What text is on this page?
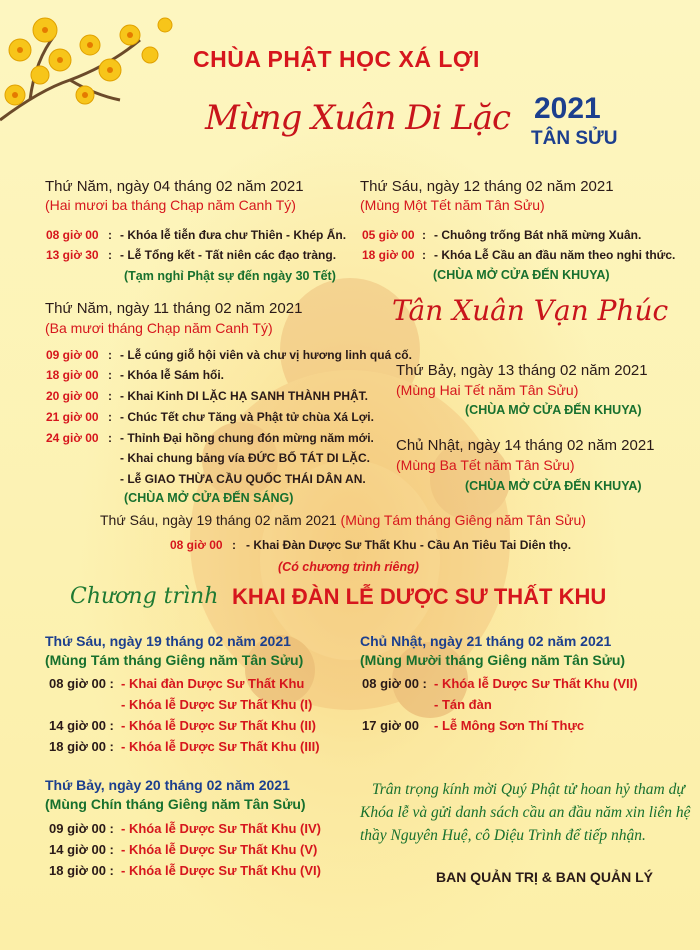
CHÙA PHẬT HỌC XÁ LỢI
Mừng Xuân Di Lặc 2021
TÂN SỬU
Thứ Năm, ngày 04 tháng 02 năm 2021
(Hai mươi ba tháng Chạp năm Canh Tý)
08 giờ 00 : - Khóa lễ tiễn đưa chư Thiên - Khép Ấn.
13 giờ 30 : - Lễ Tổng kết - Tất niên các đạo tràng.
(Tạm nghỉ Phật sự đến ngày 30 Tết)
Thứ Sáu, ngày 12 tháng 02 năm 2021
(Mùng Một Tết năm Tân Sửu)
05 giờ 00 : - Chuông trống Bát nhã mừng Xuân.
18 giờ 00 : - Khóa Lễ Cầu an đầu năm theo nghi thức.
(CHÙA MỞ CỬA ĐẾN KHUYA)
Thứ Năm, ngày 11 tháng 02 năm 2021
(Ba mươi tháng Chạp năm Canh Tý)
09 giờ 00 : - Lễ cúng giỗ hội viên và chư vị hương linh quá cố.
18 giờ 00 : - Khóa lễ Sám hối.
20 giờ 00 : - Khai Kinh DI LẶC HẠ SANH THÀNH PHẬT.
21 giờ 00 : - Chúc Tết chư Tăng và Phật tử chùa Xá Lợi.
24 giờ 00 : - Thỉnh Đại hồng chung đón mừng năm mới.
- Khai chung bảng vía ĐỨC BỐ TÁT DI LẶC.
- Lễ GIAO THỪA CẦU QUỐC THÁI DÂN AN.
(CHÙA MỞ CỬA ĐẾN SÁNG)
Tân Xuân Vạn Phúc
Thứ Bảy, ngày 13 tháng 02 năm 2021
(Mùng Hai Tết năm Tân Sửu)
(CHÙA MỞ CỬA ĐẾN KHUYA)
Chủ Nhật, ngày 14 tháng 02 năm 2021
(Mùng Ba Tết năm Tân Sửu)
(CHÙA MỞ CỬA ĐẾN KHUYA)
Thứ Sáu, ngày 19 tháng 02 năm 2021 (Mùng Tám tháng Giêng năm Tân Sửu)
08 giờ 00 : - Khai Đàn Dược Sư Thất Khu - Cầu An Tiêu Tai Diên thọ.
(Có chương trình riêng)
Chương trình KHAI ĐÀN LỄ DƯỢC SƯ THẤT KHU
Thứ Sáu, ngày 19 tháng 02 năm 2021
(Mùng Tám tháng Giêng năm Tân Sửu)
08 giờ 00 : - Khai đàn Dược Sư Thất Khu
- Khóa lễ Dược Sư Thất Khu (I)
14 giờ 00 : - Khóa lễ Dược Sư Thất Khu (II)
18 giờ 00 : - Khóa lễ Dược Sư Thất Khu (III)
Chủ Nhật, ngày 21 tháng 02 năm 2021
(Mùng Mười tháng Giêng năm Tân Sửu)
08 giờ 00 : - Khóa lễ Dược Sư Thất Khu (VII)
- Tán đàn
17 giờ 00 - Lễ Mông Sơn Thí Thực
Thứ Bảy, ngày 20 tháng 02 năm 2021
(Mùng Chín tháng Giêng năm Tân Sửu)
09 giờ 00 : - Khóa lễ Dược Sư Thất Khu (IV)
14 giờ 00 : - Khóa lễ Dược Sư Thất Khu (V)
18 giờ 00 : - Khóa lễ Dược Sư Thất Khu (VI)
Trân trọng kính mời Quý Phật tử hoan hỷ tham dự
Khóa lễ và gửi danh sách cầu an đầu năm xin liên hệ
thầy Nguyên Huệ, cô Diệu Trình để tiếp nhận.
BAN QUẢN TRỊ & BAN QUẢN LÝ
